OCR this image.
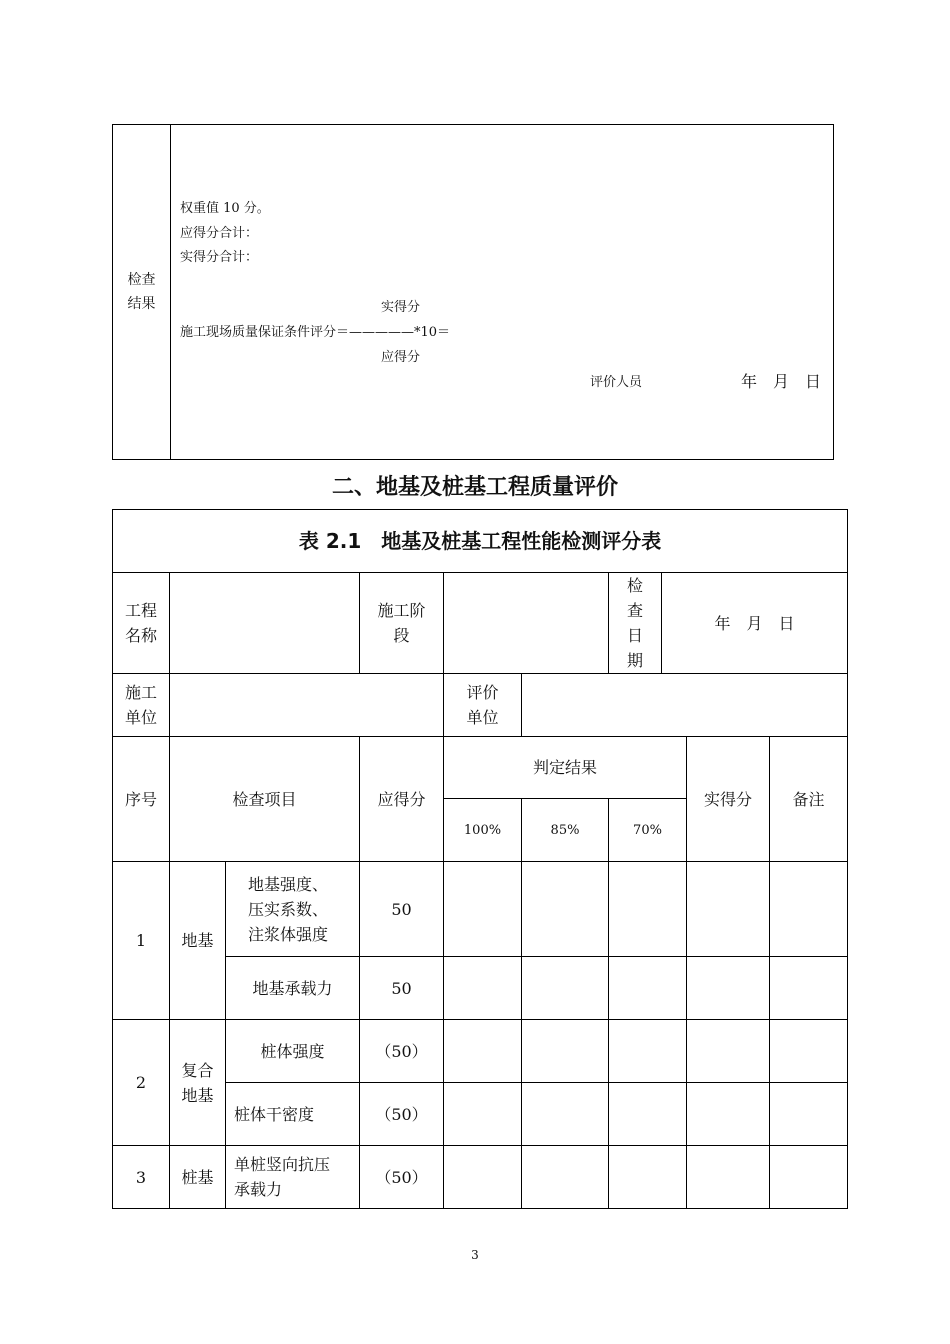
检查
结果
权重值 10 分。
应得分合计：
实得分合计：
实得分
施工现场质量保证条件评分＝—————*10＝
应得分
评价人员	年　月　日
二、地基及桩基工程质量评价
表 2.1　地基及桩基工程性能检测评分表									
工程
名称			施工阶
段			检
查
日
期	年　月　日		
施工
单位				评价
单位					
序号	检查项目		应得分	判定结果				实得分	备注
				100%	85%	70%			
1	地基	地基强度、
压实系数、
注浆体强度	50						
		地基承载力	50						
2	复合
地基	桩体强度	（50）						
		桩体干密度	（50）						
3	桩基	单桩竖向抗压
承载力	（50）						
3
